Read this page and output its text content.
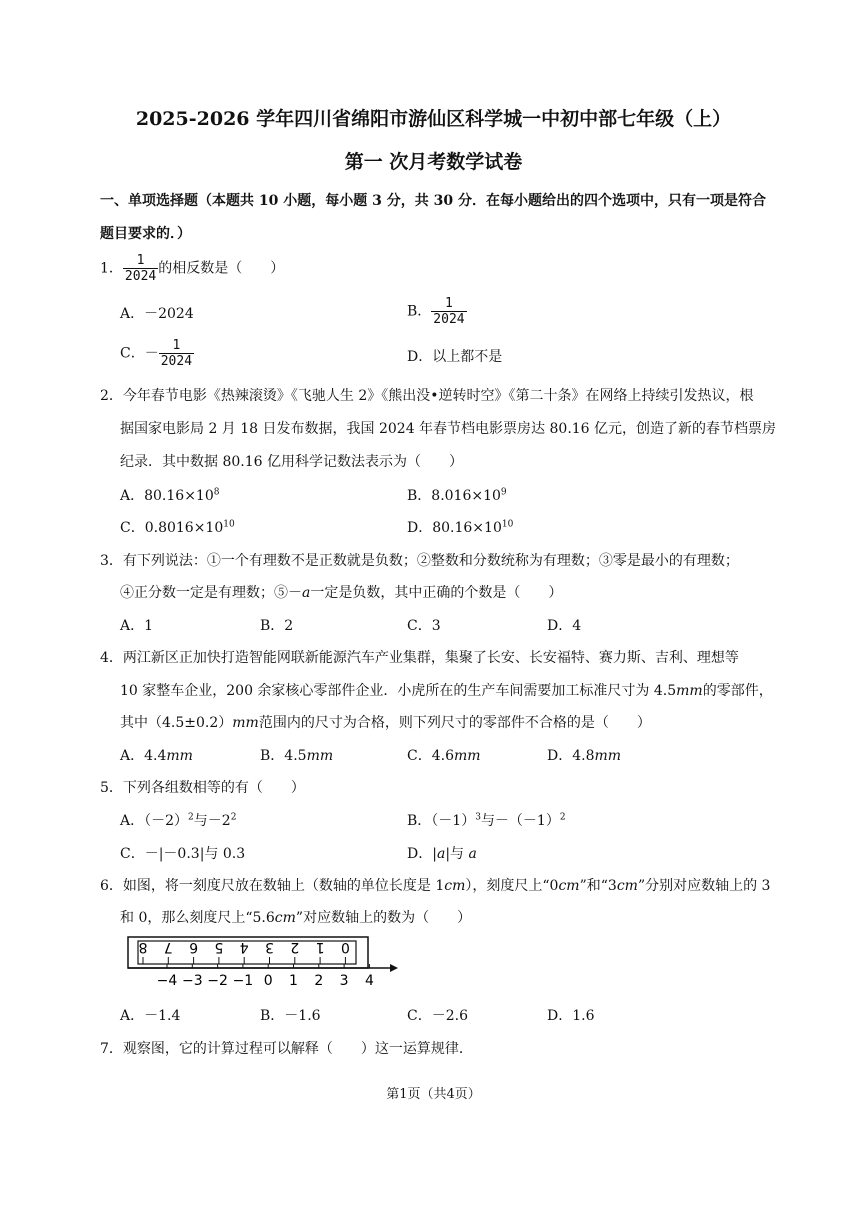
2025-2026 学年四川省绵阳市游仙区科学城一中初中部七年级（上）
第一 次月考数学试卷
一、单项选择题（本题共 10 小题，每小题 3 分，共 30 分．在每小题给出的四个选项中，只有一项是符合
题目要求的．）
1． $\frac{1}{2024}$ 的相反数是（　　）
A．－2024	B． $\frac{1}{2024}$
C．－ $\frac{1}{2024}$	D．以上都不是
2．今年春节电影《热辣滚烫》《飞驰人生 2》《熊出没•逆转时空》《第二十条》在网络上持续引发热议，根
据国家电影局 2 月 18 日发布数据，我国 2024 年春节档电影票房达 80.16 亿元，创造了新的春节档票房
纪录．其中数据 80.16 亿用科学记数法表示为（　　）
A．$80.16\times 10^8$	B．$8.016\times 10^9$
C．$0.8016\times 10^{10}$	D．$80.16\times 10^{10}$
3．有下列说法：①一个有理数不是正数就是负数；②整数和分数统称为有理数；③零是最小的有理数；
④正分数一定是有理数；⑤－a一定是负数，其中正确的个数是（　　）
A．1	B．2	C．3	D．4
4．两江新区正加快打造智能网联新能源汽车产业集群，集聚了长安、长安福特、赛力斯、吉利、理想等
10 家整车企业，200 余家核心零部件企业．小虎所在的生产车间需要加工标准尺寸为 4.5mm的零部件，
其中（4.5±0.2）mm范围内的尺寸为合格，则下列尺寸的零部件不合格的是（　　）
A．4.4mm	B．4.5mm	C．4.6mm	D．4.8mm
5．下列各组数相等的有（　　）
A．$(-2)^2$与$-2^2$	B．$(-1)^3$与$-(-1)^2$
C．－|－0.3|与 0.3	D．|a|与 a
6．如图，将一刻度尺放在数轴上（数轴的单位长度是 1cm），刻度尺上“0cm”和“3cm”分别对应数轴上的 3
和 0，那么刻度尺上“5.6cm”对应数轴上的数为（　　）
8 7 6 5 4 3 2 1 0
−4 −3 −2 −1 0 1 2 3 4
A．－1.4	B．－1.6	C．－2.6	D．1.6
7．观察图，它的计算过程可以解释（　　）这一运算规律．
第1页（共4页）
